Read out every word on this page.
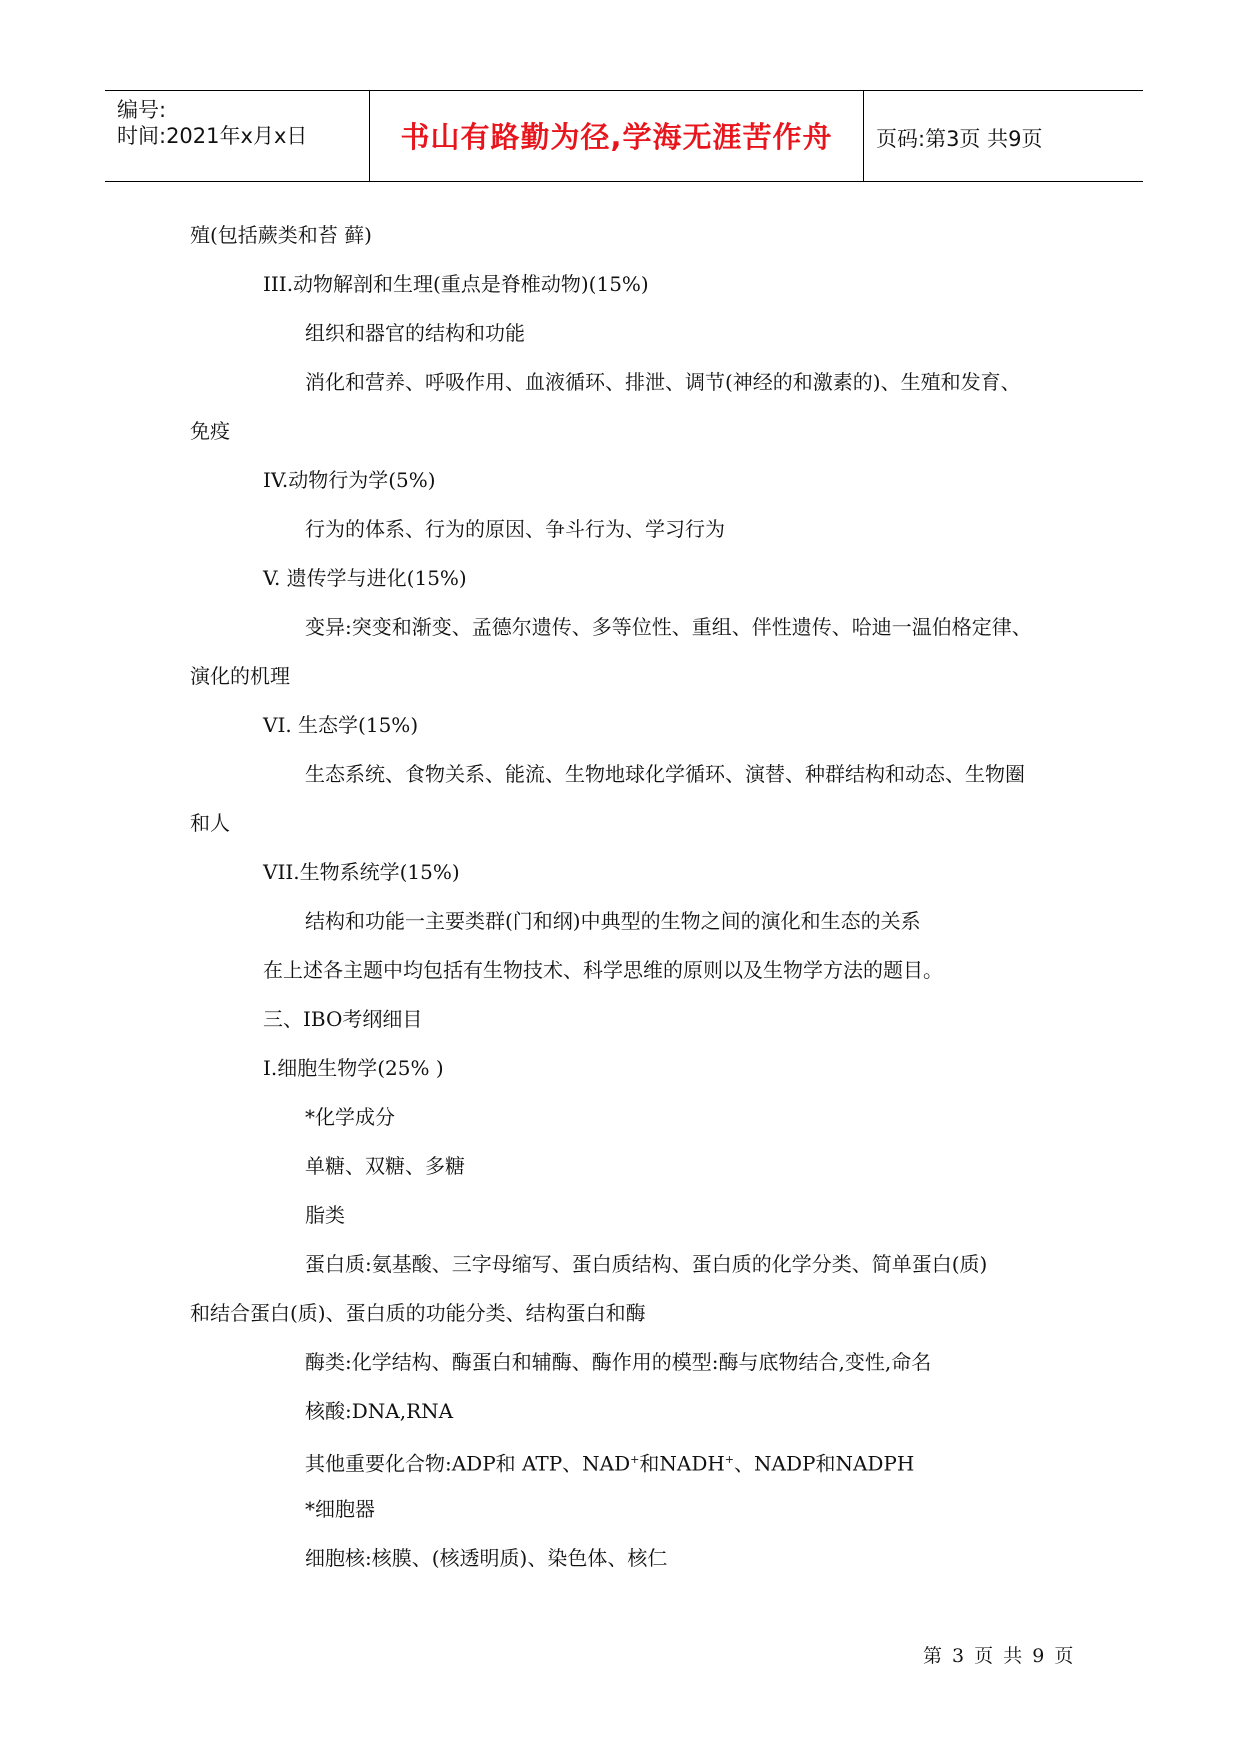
编号:
时间:2021年x月x日	书山有路勤为径,学海无涯苦作舟	页码:第3页 共9页
殖(包括蕨类和苔 藓)
III.动物解剖和生理(重点是脊椎动物)(15%)
组织和器官的结构和功能
消化和营养、呼吸作用、血液循环、排泄、调节(神经的和激素的)、生殖和发育、
免疫
IV.动物行为学(5%)
行为的体系、行为的原因、争斗行为、学习行为
V. 遗传学与进化(15%)
变异:突变和渐变、孟德尔遗传、多等位性、重组、伴性遗传、哈迪一温伯格定律、
演化的机理
VI. 生态学(15%)
生态系统、食物关系、能流、生物地球化学循环、演替、种群结构和动态、生物圈
和人
VII.生物系统学(15%)
结构和功能一主要类群(门和纲)中典型的生物之间的演化和生态的关系
在上述各主题中均包括有生物技术、科学思维的原则以及生物学方法的题目。
三、IBO考纲细目
I.细胞生物学(25% )
*化学成分
单糖、双糖、多糖
脂类
蛋白质:氨基酸、三字母缩写、蛋白质结构、蛋白质的化学分类、简单蛋白(质)
和结合蛋白(质)、蛋白质的功能分类、结构蛋白和酶
酶类:化学结构、酶蛋白和辅酶、酶作用的模型:酶与底物结合,变性,命名
核酸:DNA,RNA
其他重要化合物:ADP和 ATP、NAD+和NADH+、NADP和NADPH
*细胞器
细胞核:核膜、(核透明质)、染色体、核仁
第 3 页 共 9 页
